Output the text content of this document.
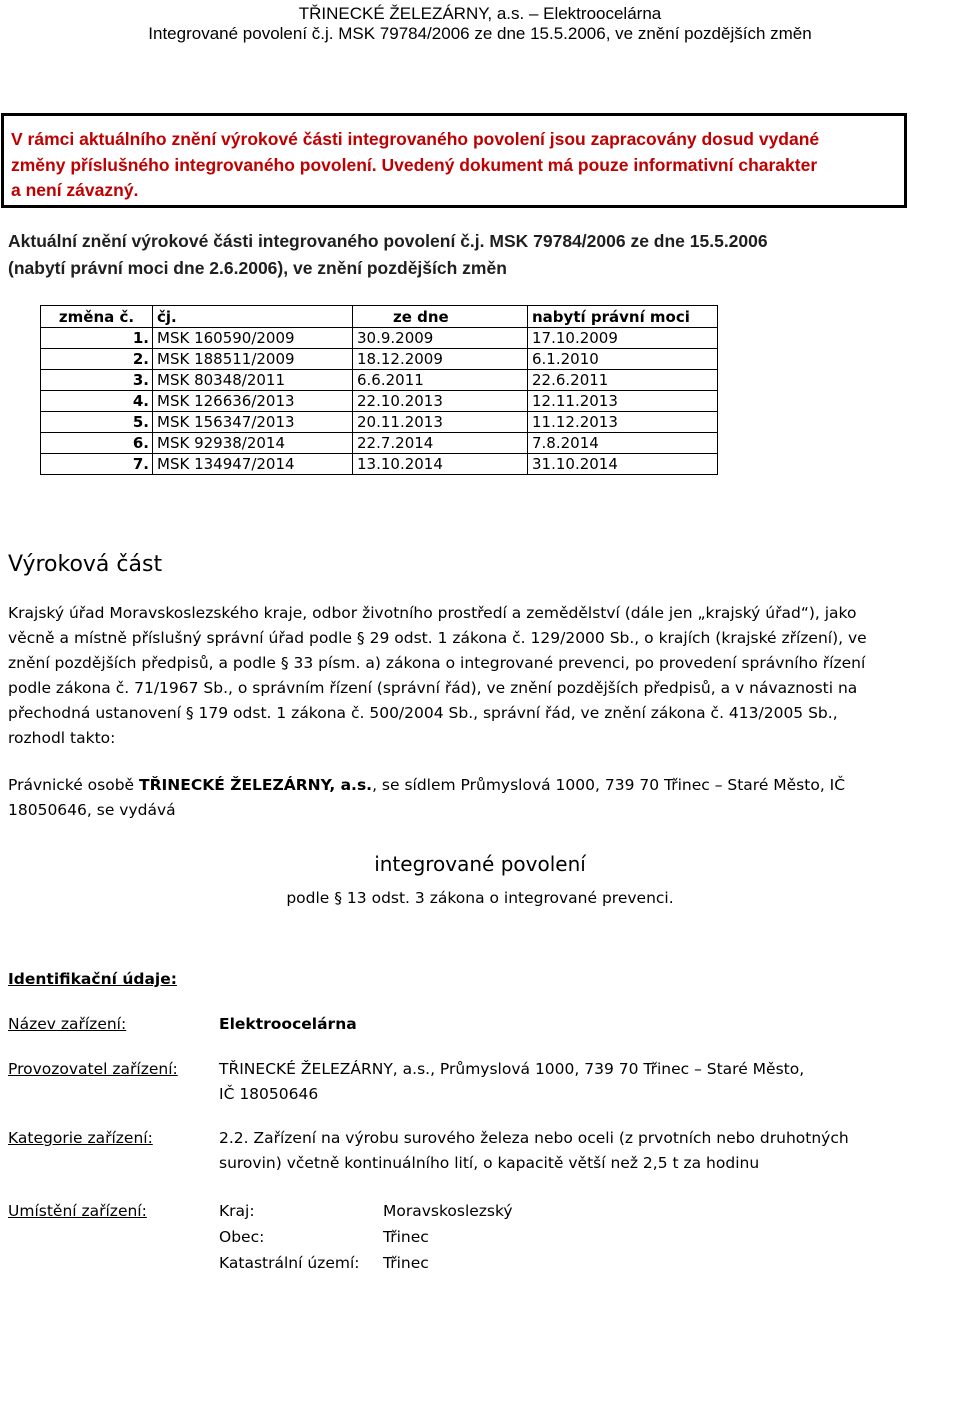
TŘINECKÉ ŽELEZÁRNY, a.s. – Elektroocelárna
Integrované povolení č.j. MSK 79784/2006 ze dne 15.5.2006, ve znění pozdějších změn
V rámci aktuálního znění výrokové části integrovaného povolení jsou zapracovány dosud vydané
změny příslušného integrovaného povolení. Uvedený dokument má pouze informativní charakter
a není závazný.
Aktuální znění výrokové části integrovaného povolení č.j. MSK 79784/2006 ze dne 15.5.2006
(nabytí právní moci dne 2.6.2006), ve znění pozdějších změn
změna č.	čj.	ze dne	nabytí právní moci
1.	MSK 160590/2009	30.9.2009	17.10.2009
2.	MSK 188511/2009	18.12.2009	6.1.2010
3.	MSK 80348/2011	6.6.2011	22.6.2011
4.	MSK 126636/2013	22.10.2013	12.11.2013
5.	MSK 156347/2013	20.11.2013	11.12.2013
6.	MSK 92938/2014	22.7.2014	7.8.2014
7.	MSK 134947/2014	13.10.2014	31.10.2014
Výroková část
Krajský úřad Moravskoslezského kraje, odbor životního prostředí a zemědělství (dále jen „krajský úřad“), jako
věcně a místně příslušný správní úřad podle § 29 odst. 1 zákona č. 129/2000 Sb., o krajích (krajské zřízení), ve
znění pozdějších předpisů, a podle § 33 písm. a) zákona o integrované prevenci, po provedení správního řízení
podle zákona č. 71/1967 Sb., o správním řízení (správní řád), ve znění pozdějších předpisů, a v návaznosti na
přechodná ustanovení § 179 odst. 1 zákona č. 500/2004 Sb., správní řád, ve znění zákona č. 413/2005 Sb.,
rozhodl takto:
Právnické osobě TŘINECKÉ ŽELEZÁRNY, a.s., se sídlem Průmyslová 1000, 739 70 Třinec – Staré Město, IČ
18050646, se vydává
integrované povolení
podle § 13 odst. 3 zákona o integrované prevenci.
Identifikační údaje:
Název zařízení:	Elektroocelárna
Provozovatel zařízení:	TŘINECKÉ ŽELEZÁRNY, a.s., Průmyslová 1000, 739 70 Třinec – Staré Město,
IČ 18050646
Kategorie zařízení:	2.2. Zařízení na výrobu surového železa nebo oceli (z prvotních nebo druhotných
surovin) včetně kontinuálního lití, o kapacitě větší než 2,5 t za hodinu
Umístění zařízení:	Kraj:	Moravskoslezský
Obec:	Třinec
Katastrální území: Třinec
